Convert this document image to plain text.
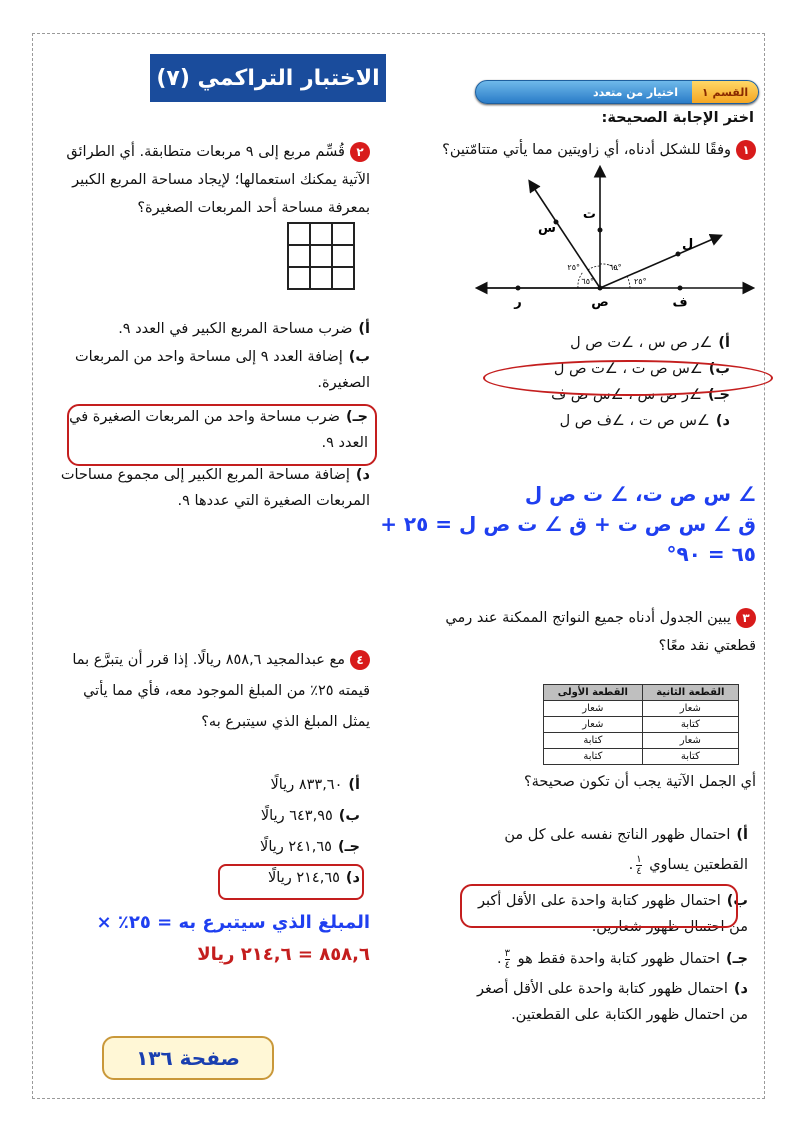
الاختبار التراكمي (٧)
القسم ١
اختيار من متعدد
اختر الإجابة الصحيحة:
١وفقًا للشكل أدناه، أي زاويتين مما يأتي متتامّتين؟
ت
س
ل
ر	ف
ص
٢٥°	٦٥°
٦٥°	٢٥°
أ)∠ر ص س ، ∠ت ص ل
ب)∠س ص ت ، ∠ت ص ل
جـ)∠ر ص س ، ∠س ص ف
د)∠س ص ت ، ∠ف ص ل
∠ س ص ت، ∠ ت ص ل
ق ∠ س ص ت + ق ∠ ت ص ل = ٢٥ +
٦٥ = ٩٠°
٢قُسِّم مربع إلى ٩ مربعات متطابقة. أي الطرائق الآتية يمكنك استعمالها؛ لإيجاد مساحة المربع الكبير بمعرفة مساحة أحد المربعات الصغيرة؟
أ)ضرب مساحة المربع الكبير في العدد ٩.
ب)إضافة العدد ٩ إلى مساحة واحد من المربعات الصغيرة.
جـ)ضرب مساحة واحد من المربعات الصغيرة في العدد ٩.
د)إضافة مساحة المربع الكبير إلى مجموع مساحات المربعات الصغيرة التي عددها ٩.
٣يبين الجدول أدناه جميع النواتج الممكنة عند رمي قطعتي نقد معًا؟
القطعة الأولى	القطعة الثانية
شعار	شعار
شعار	كتابة
كتابة	شعار
كتابة	كتابة
أي الجمل الآتية يجب أن تكون صحيحة؟
أ)احتمال ظهور الناتج نفسه على كل من القطعتين يساوي
$\frac{١}{٤}$
.
ب)احتمال ظهور كتابة واحدة على الأقل أكبر من احتمال ظهور شعارين.
جـ)احتمال ظهور كتابة واحدة فقط هو
$\frac{٣}{٤}$
.
د)احتمال ظهور كتابة واحدة على الأقل أصغر من احتمال ظهور الكتابة على القطعتين.
٤مع عبدالمجيد ٨٥٨,٦ ريالًا. إذا قرر أن يتبرَّع بما قيمته ٢٥٪ من المبلغ الموجود معه، فأي مما يأتي يمثل المبلغ الذي سيتبرع به؟
أ)٨٣٣,٦٠ ريالًا
ب)٦٤٣,٩٥ ريالًا
جـ)٢٤١,٦٥ ريالًا
د)٢١٤,٦٥ ريالًا
المبلغ الذي سيتبرع به = ٢٥٪ ×
٨٥٨,٦ = ٢١٤,٦ ريالا
صفحة ١٣٦
